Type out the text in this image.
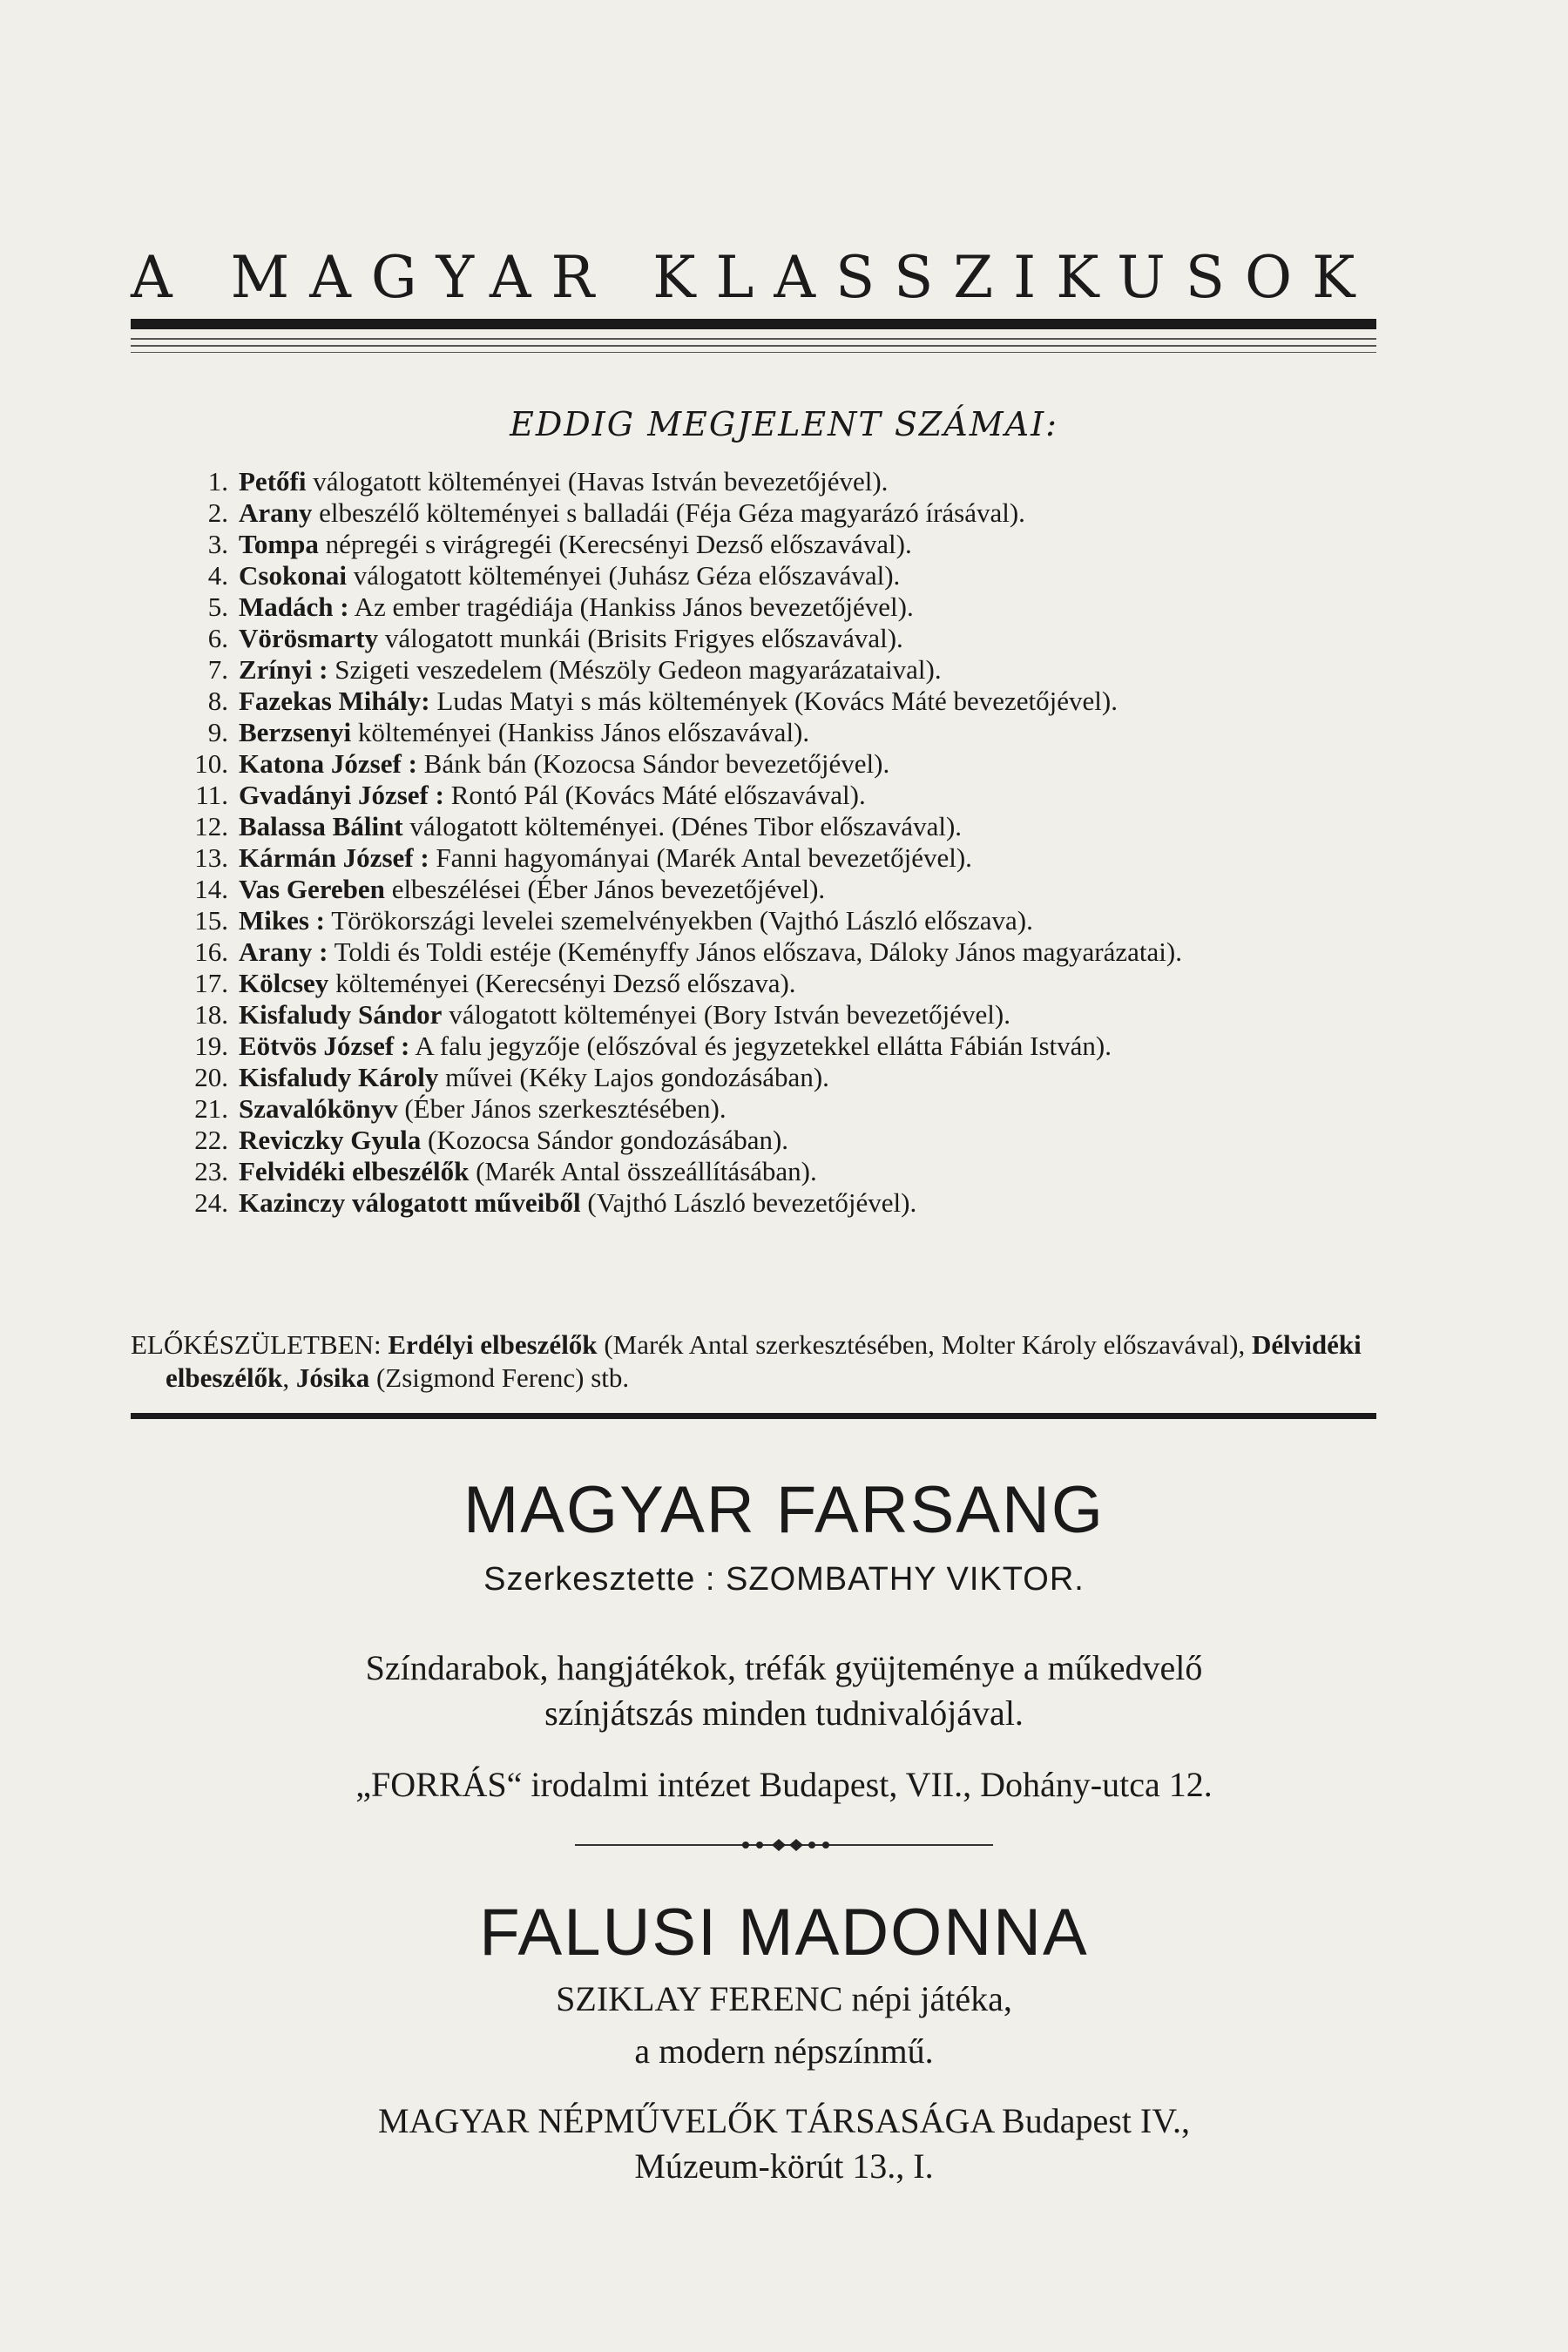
A MAGYAR KLASSZIKUSOK
EDDIG MEGJELENT SZÁMAI:
1. Petőfi válogatott költeményei (Havas István bevezetőjével).
2. Arany elbeszélő költeményei s balladái (Féja Géza magyarázó írásával).
3. Tompa népregéi s virágregéi (Kerecsényi Dezső előszavával).
4. Csokonai válogatott költeményei (Juhász Géza előszavával).
5. Madách : Az ember tragédiája (Hankiss János bevezetőjével).
6. Vörösmarty válogatott munkái (Brisits Frigyes előszavával).
7. Zrínyi : Szigeti veszedelem (Mészöly Gedeon magyarázataival).
8. Fazekas Mihály: Ludas Matyi s más költemények (Kovács Máté bevezetőjével).
9. Berzsenyi költeményei (Hankiss János előszavával).
10. Katona József : Bánk bán (Kozocsa Sándor bevezetőjével).
11. Gvadányi József : Rontó Pál (Kovács Máté előszavával).
12. Balassa Bálint válogatott költeményei. (Dénes Tibor előszavával).
13. Kármán József : Fanni hagyományai (Marék Antal bevezetőjével).
14. Vas Gereben elbeszélései (Éber János bevezetőjével).
15. Mikes : Törökországi levelei szemelvényekben (Vajthó László előszava).
16. Arany : Toldi és Toldi estéje (Keményffy János előszava, Dáloky János magyarázatai).
17. Kölcsey költeményei (Kerecsényi Dezső előszava).
18. Kisfaludy Sándor válogatott költeményei (Bory István bevezetőjével).
19. Eötvös József : A falu jegyzője (előszóval és jegyzetekkel ellátta Fábián István).
20. Kisfaludy Károly művei (Kéky Lajos gondozásában).
21. Szavalókönyv (Éber János szerkesztésében).
22. Reviczky Gyula (Kozocsa Sándor gondozásában).
23. Felvidéki elbeszélők (Marék Antal összeállításában).
24. Kazinczy válogatott műveiből (Vajthó László bevezetőjével).
ELŐKÉSZÜLETBEN: Erdélyi elbeszélők (Marék Antal szerkesztésében, Molter Károly előszavával), Délvidéki elbeszélők, Jósika (Zsigmond Ferenc) stb.
MAGYAR FARSANG
Szerkesztette : SZOMBATHY VIKTOR.
Színdarabok, hangjátékok, tréfák gyüjteménye a műkedvelő
színjátszás minden tudnivalójával.
„FORRÁS“ irodalmi intézet Budapest, VII., Dohány-utca 12.
FALUSI MADONNA
SZIKLAY FERENC népi játéka,
a modern népszínmű.
MAGYAR NÉPMŰVELŐK TÁRSASÁGA Budapest IV.,
Múzeum-körút 13., I.
